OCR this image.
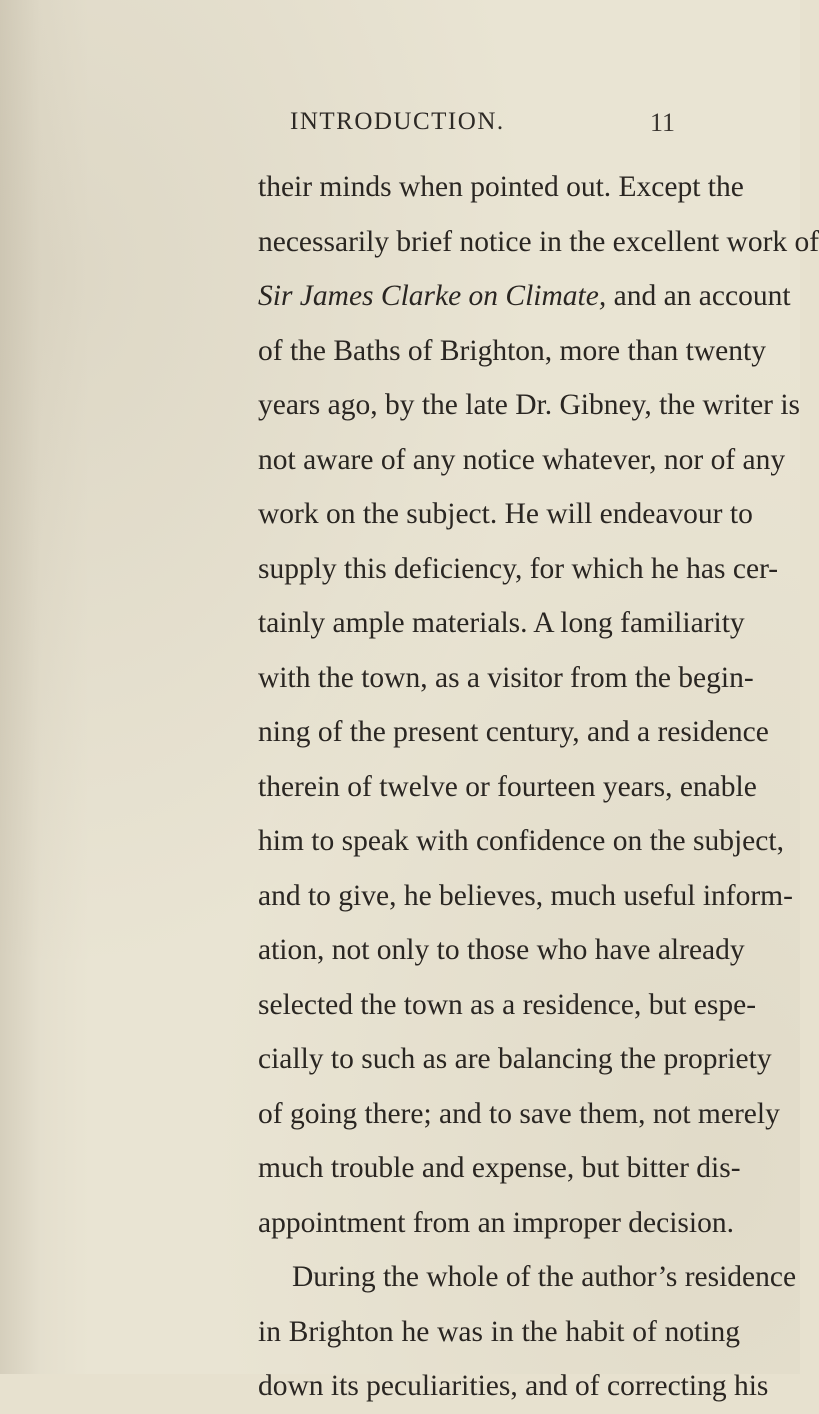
INTRODUCTION.	11
their minds when pointed out. Except the
necessarily brief notice in the excellent work of
Sir James Clarke on Climate, and an account
of the Baths of Brighton, more than twenty
years ago, by the late Dr. Gibney, the writer is
not aware of any notice whatever, nor of any
work on the subject. He will endeavour to
supply this deficiency, for which he has cer-
tainly ample materials. A long familiarity
with the town, as a visitor from the begin-
ning of the present century, and a residence
therein of twelve or fourteen years, enable
him to speak with confidence on the subject,
and to give, he believes, much useful inform-
ation, not only to those who have already
selected the town as a residence, but espe-
cially to such as are balancing the propriety
of going there; and to save them, not merely
much trouble and expense, but bitter dis-
appointment from an improper decision.
During the whole of the author’s residence
in Brighton he was in the habit of noting
down its peculiarities, and of correcting his
